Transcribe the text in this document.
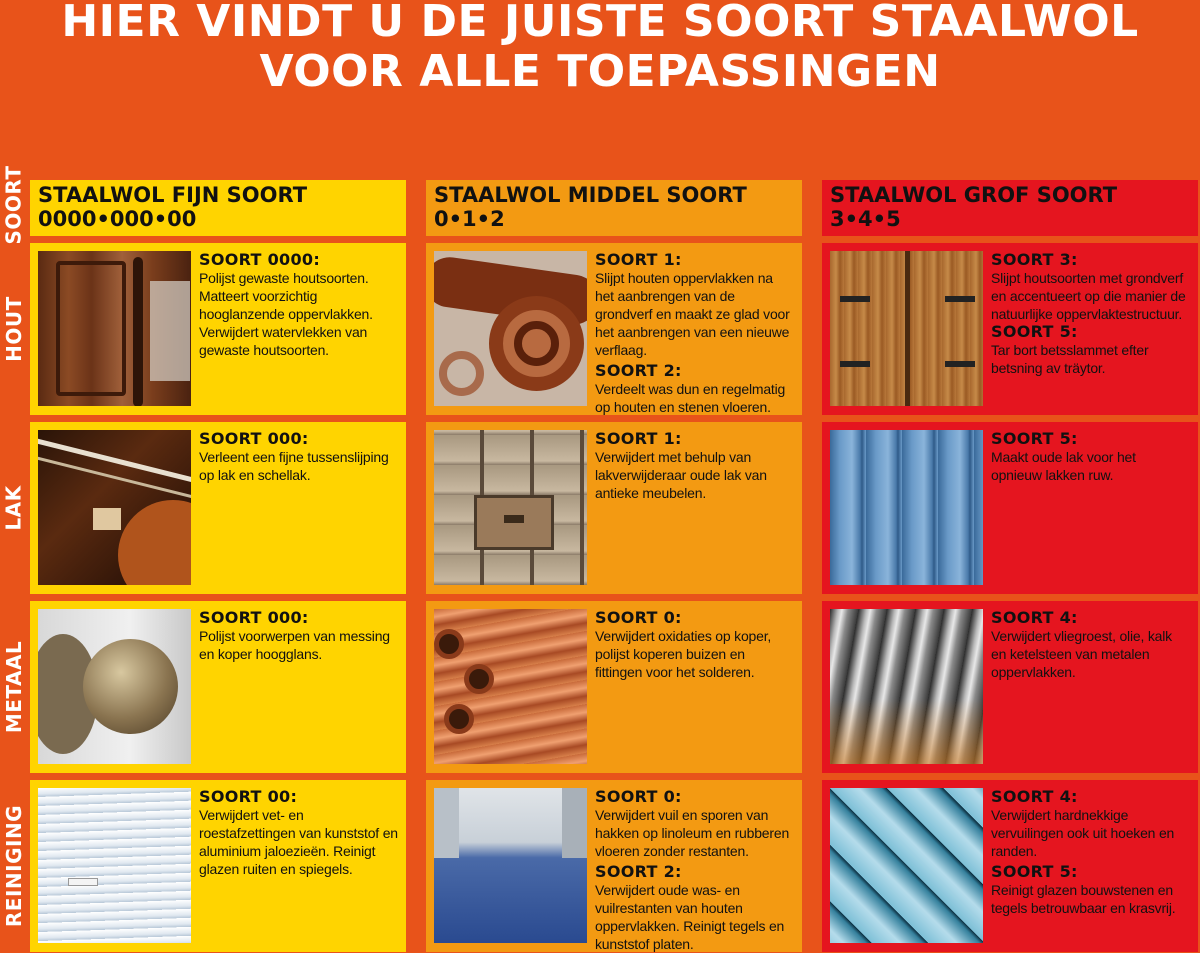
HIER VINDT U DE JUISTE SOORT STAALWOL
VOOR ALLE TOEPASSINGEN
SOORT
HOUT
LAK
METAAL
REINIGING
STAALWOL FIJN SOORT
0000•000•00
STAALWOL MIDDEL SOORT
0•1•2
STAALWOL GROF SOORT
3•4•5

SOORT 0000:

Polijst gewaste houtsoorten. Matteert voorzichtig hooglanzende oppervlakken. Verwijdert watervlekken van gewaste houtsoorten.

SOORT 1:

Slijpt houten oppervlakken na het aanbrengen van de grondverf en maakt ze glad voor het aanbrengen van een nieuwe verflaag.

SOORT 2:

Verdeelt was dun en regelmatig op houten en stenen vloeren.

SOORT 3:

Slijpt houtsoorten met grondverf en accentueert op die manier de natuurlijke oppervlaktestructuur.

SOORT 5:

Tar bort betsslammet efter betsning av träytor.

SOORT 000:

Verleent een fijne tussenslijping op lak en schellak.

SOORT 1:

Verwijdert met behulp van lakverwijderaar oude lak van antieke meubelen.

SOORT 5:

Maakt oude lak voor het opnieuw lakken ruw.

SOORT 000:

Polijst voorwerpen van messing en koper hoogglans.

SOORT 0:

Verwijdert oxidaties op koper, polijst koperen buizen en fittingen voor het solderen.

SOORT 4:

Verwijdert vliegroest, olie, kalk en ketelsteen van metalen oppervlakken.

SOORT 00:

Verwijdert vet- en roestafzettingen van kunststof en aluminium jaloezieën. Reinigt glazen ruiten en spiegels.

SOORT 0:

Verwijdert vuil en sporen van hakken op linoleum en rubberen vloeren zonder restanten.

SOORT 2:

Verwijdert oude was- en vuilrestanten van houten oppervlakken. Reinigt tegels en kunststof platen.

SOORT 4:

Verwijdert hardnekkige vervuilingen ook uit hoeken en randen.

SOORT 5:

Reinigt glazen bouwstenen en tegels betrouwbaar en krasvrij.
